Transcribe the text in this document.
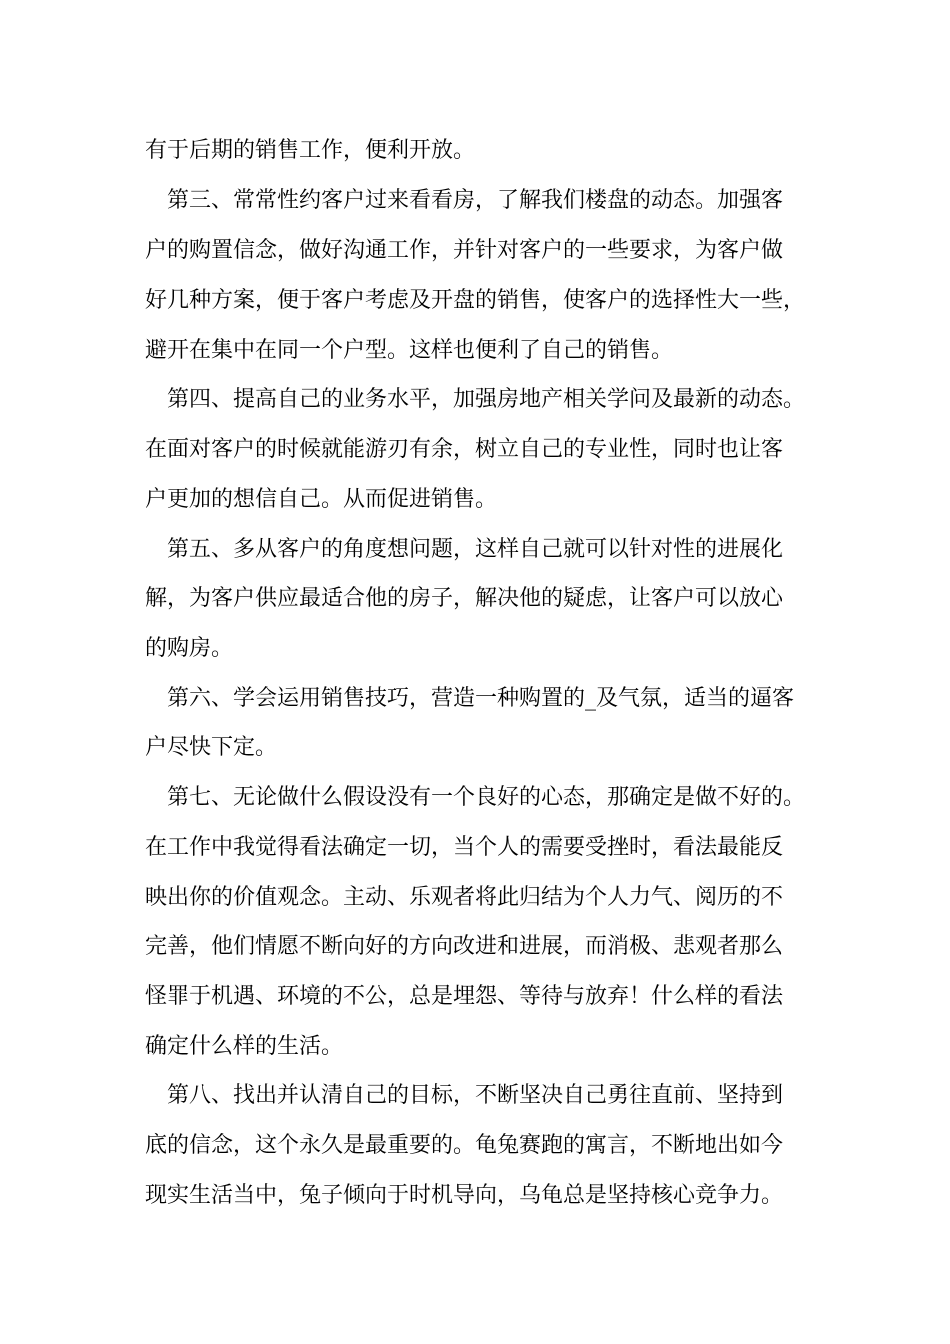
有于后期的销售工作，便利开放。
第三、常常性约客户过来看看房，了解我们楼盘的动态。加强客
户的购置信念，做好沟通工作，并针对客户的一些要求，为客户做
好几种方案，便于客户考虑及开盘的销售，使客户的选择性大一些，
避开在集中在同一个户型。这样也便利了自己的销售。
第四、提高自己的业务水平，加强房地产相关学问及最新的动态。
在面对客户的时候就能游刃有余，树立自己的专业性，同时也让客
户更加的想信自己。从而促进销售。
第五、多从客户的角度想问题，这样自己就可以针对性的进展化
解，为客户供应最适合他的房子，解决他的疑虑，让客户可以放心
的购房。
第六、学会运用销售技巧，营造一种购置的_及气氛，适当的逼客
户尽快下定。
第七、无论做什么假设没有一个良好的心态，那确定是做不好的。
在工作中我觉得看法确定一切，当个人的需要受挫时，看法最能反
映出你的价值观念。主动、乐观者将此归结为个人力气、阅历的不
完善，他们情愿不断向好的方向改进和进展，而消极、悲观者那么
怪罪于机遇、环境的不公，总是埋怨、等待与放弃！什么样的看法
确定什么样的生活。
第八、找出并认清自己的目标，不断坚决自己勇往直前、坚持到
底的信念，这个永久是最重要的。龟兔赛跑的寓言，不断地出如今
现实生活当中，兔子倾向于时机导向，乌龟总是坚持核心竞争力。
